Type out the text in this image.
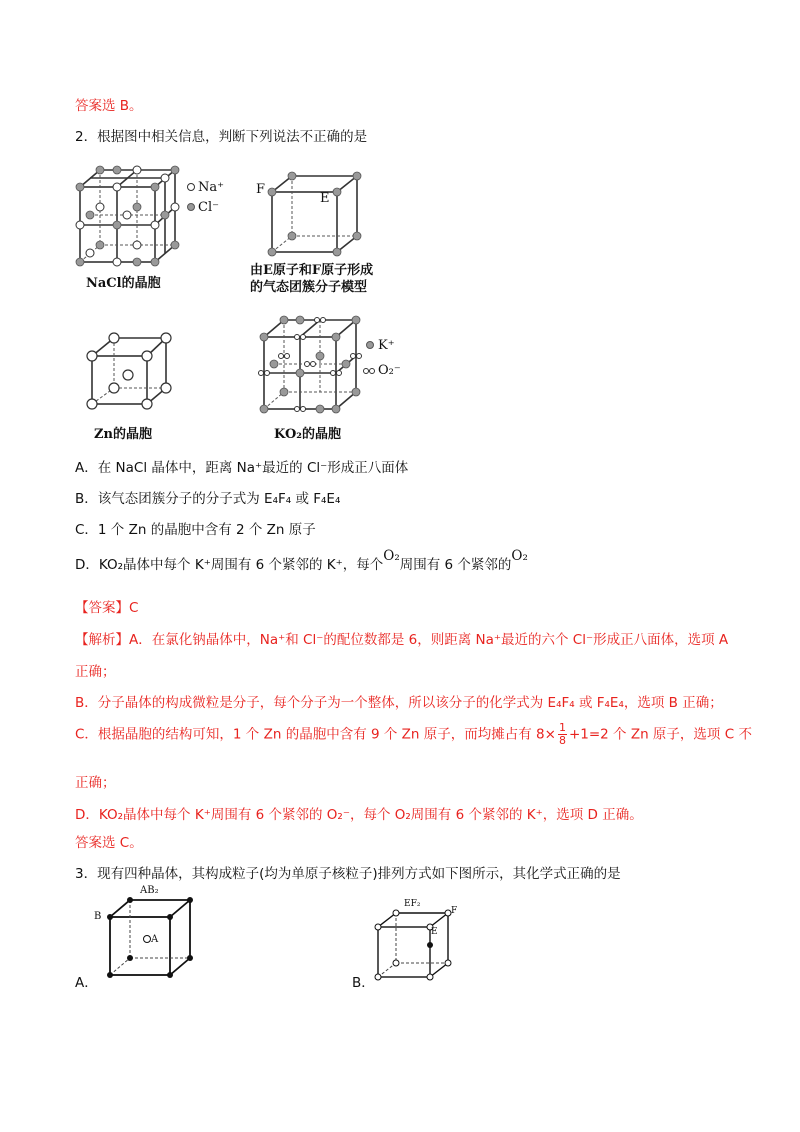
答案选 B。
2．根据图中相关信息，判断下列说法不正确的是
Na⁺
Cl⁻
NaCl的晶胞
F
E
由E原子和F原子形成
的气态团簇分子模型
Zn的晶胞
K⁺
O₂⁻
KO₂的晶胞
A．在 NaCl 晶体中，距离 Na⁺最近的 Cl⁻形成正八面体
B．该气态团簇分子的分子式为 E₄F₄ 或 F₄E₄
C．1 个 Zn 的晶胞中含有 2 个 Zn 原子
D．KO₂晶体中每个 K⁺周围有 6 个紧邻的 K⁺，每个O₂周围有 6 个紧邻的O₂
【答案】C
【解析】A．在氯化钠晶体中，Na⁺和 Cl⁻的配位数都是 6，则距离 Na⁺最近的六个 Cl⁻形成正八面体，选项 A
正确；
B．分子晶体的构成微粒是分子，每个分子为一个整体，所以该分子的化学式为 E₄F₄ 或 F₄E₄，选项 B 正确；
C．根据晶胞的结构可知，1 个 Zn 的晶胞中含有 9 个 Zn 原子，而均摊占有 $8\times \frac{1}{8} +1=2$ 个 Zn 原子，选项 C 不
正确；
D．KO₂晶体中每个 K⁺周围有 6 个紧邻的 O₂⁻，每个 O₂周围有 6 个紧邻的 K⁺，选项 D 正确。
答案选 C。
3．现有四种晶体，其构成粒子(均为单原子核粒子)排列方式如下图所示，其化学式正确的是
AB₂
B
A
A．
EF₂
F
E
B．
